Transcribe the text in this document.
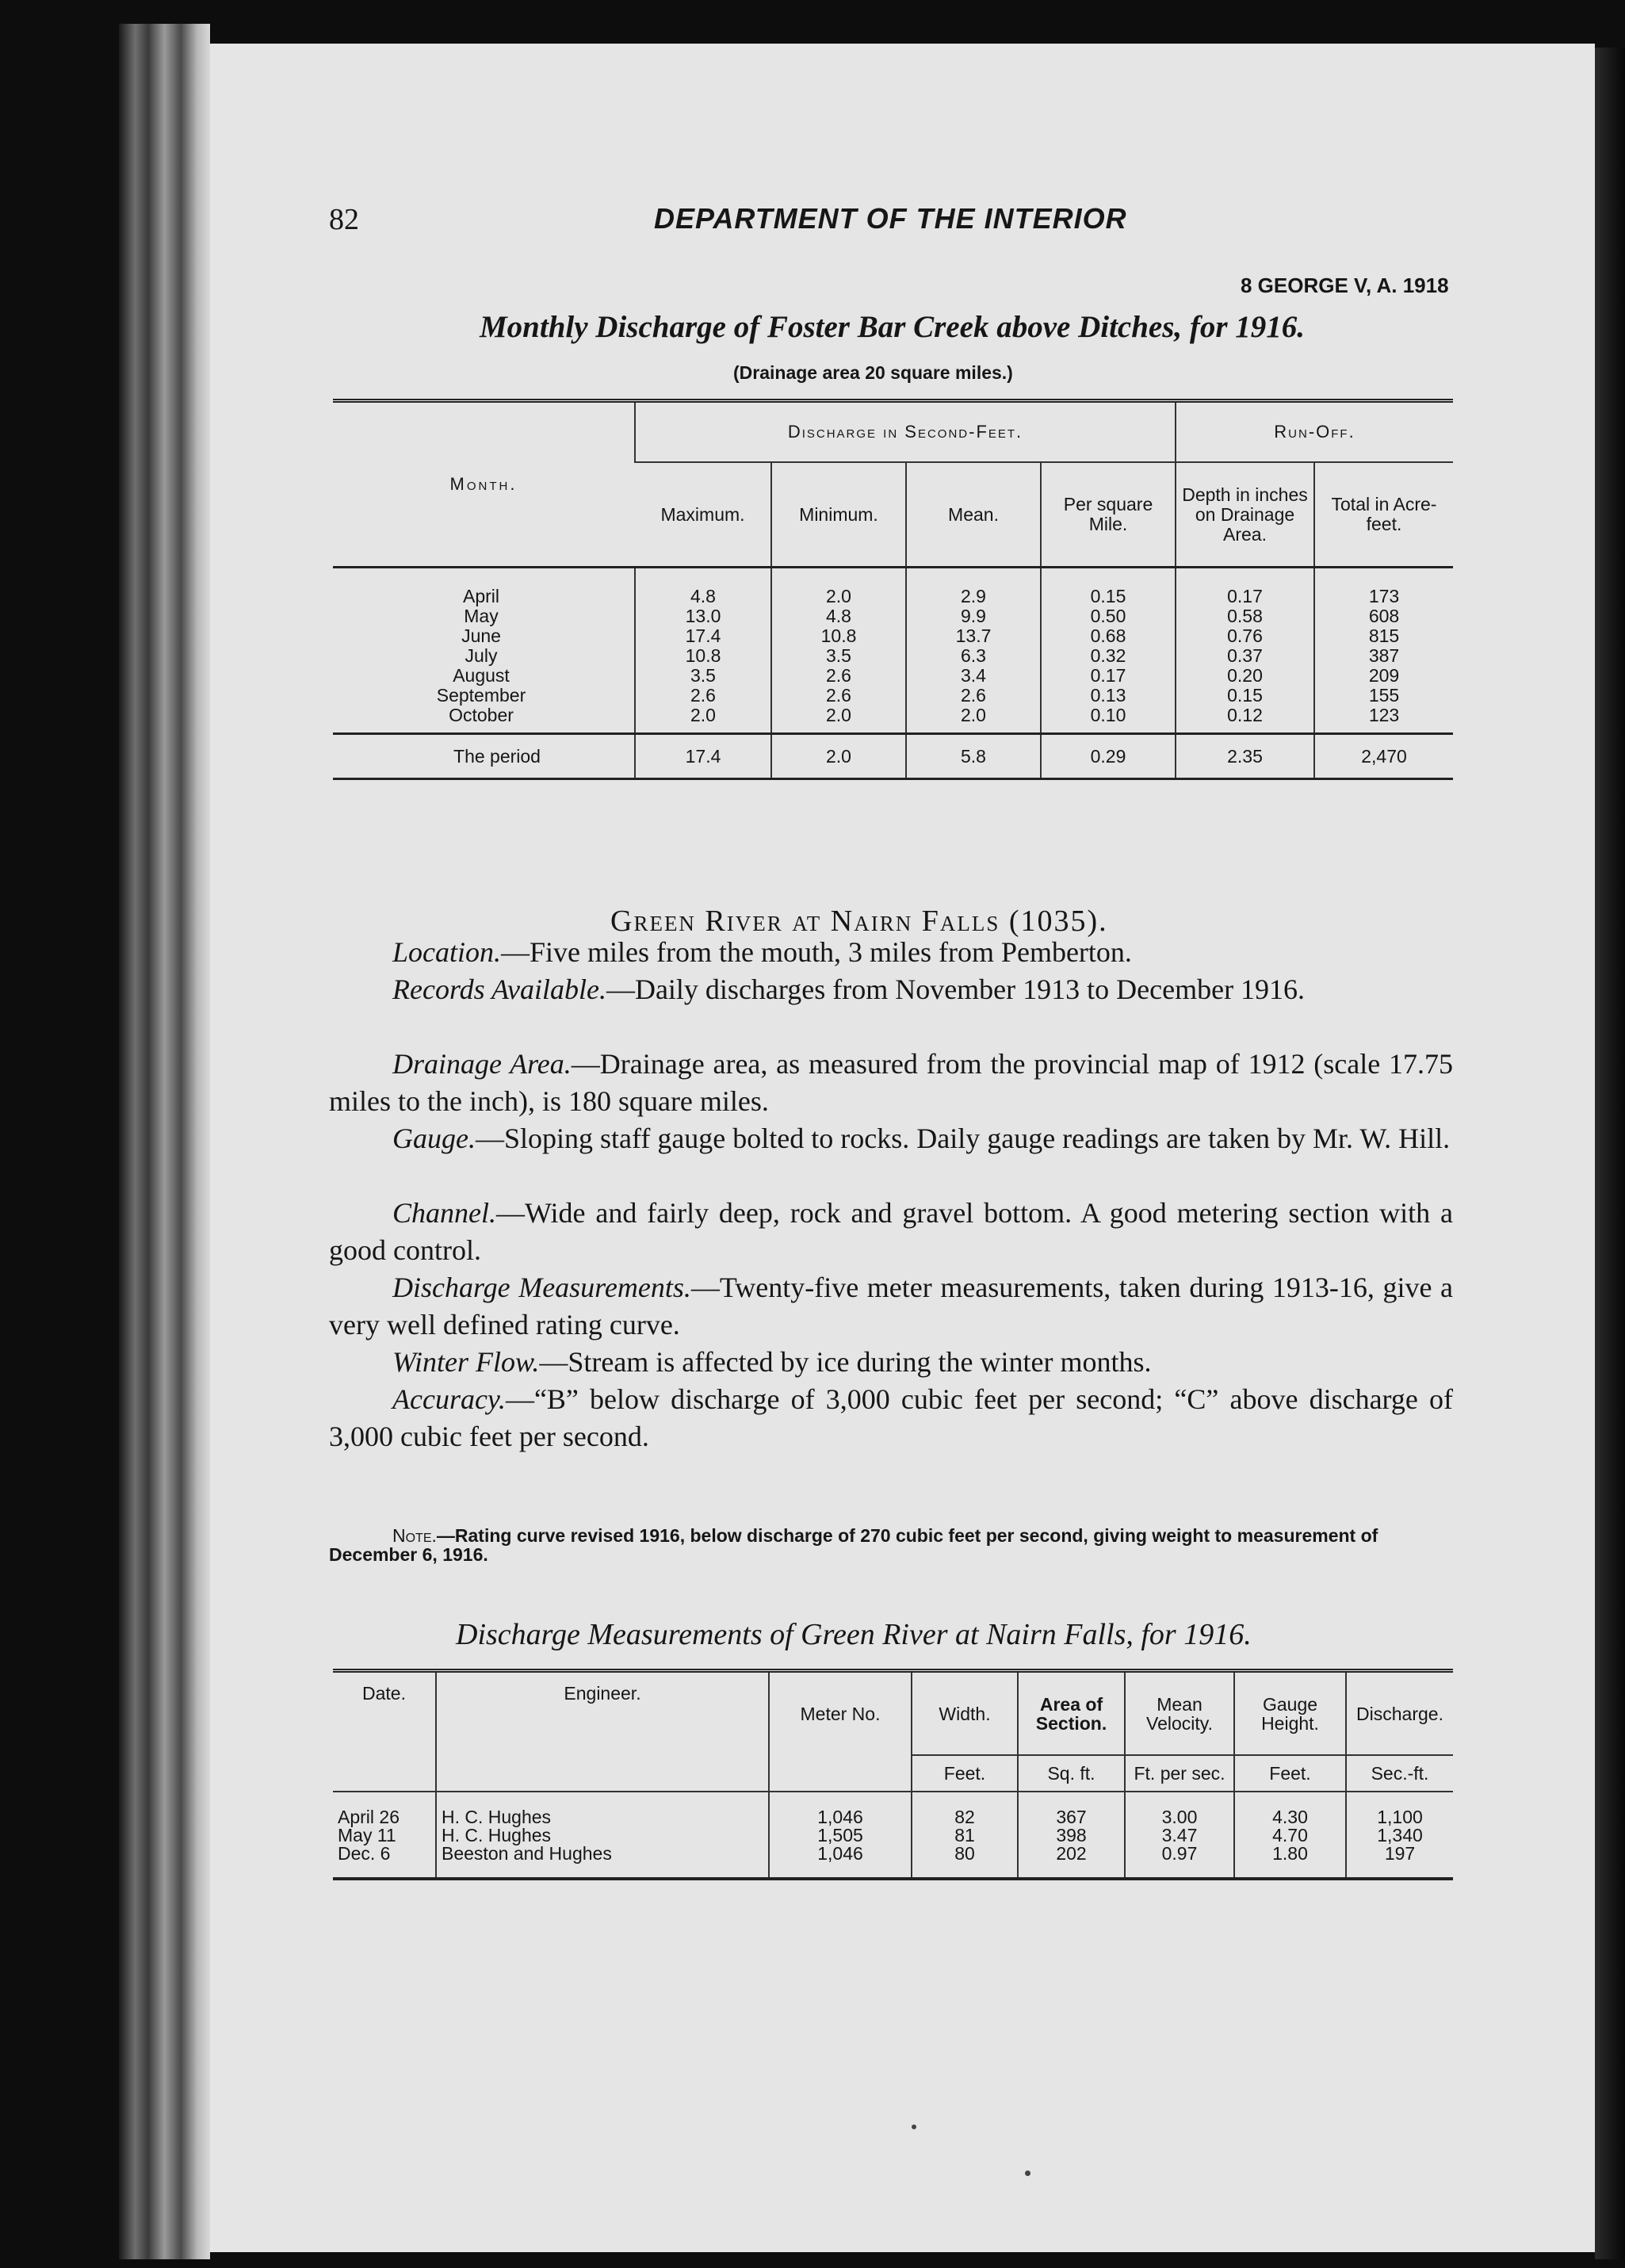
82	DEPARTMENT OF THE INTERIOR
8 GEORGE V, A. 1918
Monthly Discharge of Foster Bar Creek above Ditches, for 1916.
(Drainage area 20 square miles.)
Month.	Discharge in Second-Feet.				Run-Off.	
	Maximum.	Minimum.	Mean.	Per square Mile.	Depth in inches on Drainage Area.	Total in Acre-feet.
April	4.8	2.0	2.9	0.15	0.17	173
May	13.0	4.8	9.9	0.50	0.58	608
June	17.4	10.8	13.7	0.68	0.76	815
July	10.8	3.5	6.3	0.32	0.37	387
August	3.5	2.6	3.4	0.17	0.20	209
September	2.6	2.6	2.6	0.13	0.15	155
October	2.0	2.0	2.0	0.10	0.12	123
The period	17.4	2.0	5.8	0.29	2.35	2,470
Green River at Nairn Falls (1035).

Location.—Five miles from the mouth, 3 miles from Pemberton.

Records Available.—Daily discharges from November 1913 to December 1916.

Drainage Area.—Drainage area, as measured from the provincial map of 1912 (scale 17.75 miles to the inch), is 180 square miles.

Gauge.—Sloping staff gauge bolted to rocks. Daily gauge readings are taken by Mr. W. Hill.

Channel.—Wide and fairly deep, rock and gravel bottom. A good metering section with a good control.

Discharge Measurements.—Twenty-five meter measurements, taken during 1913-16, give a very well defined rating curve.

Winter Flow.—Stream is affected by ice during the winter months.

Accuracy.—“B” below discharge of 3,000 cubic feet per second; “C” above discharge of 3,000 cubic feet per second.

Note.—Rating curve revised 1916, below discharge of 270 cubic feet per second, giving weight to measurement of December 6, 1916.

Discharge Measurements of Green River at Nairn Falls, for 1916.
Date.	Engineer.	Meter No.	Width.	Area of Section.	Mean Velocity.	Gauge Height.	Discharge.
			Feet.	Sq. ft.	Ft. per sec.	Feet.	Sec.-ft.
April 26	H. C. Hughes	1,046	82	367	3.00	4.30	1,100
May 11	H. C. Hughes	1,505	81	398	3.47	4.70	1,340
Dec. 6	Beeston and Hughes	1,046	80	202	0.97	1.80	197
